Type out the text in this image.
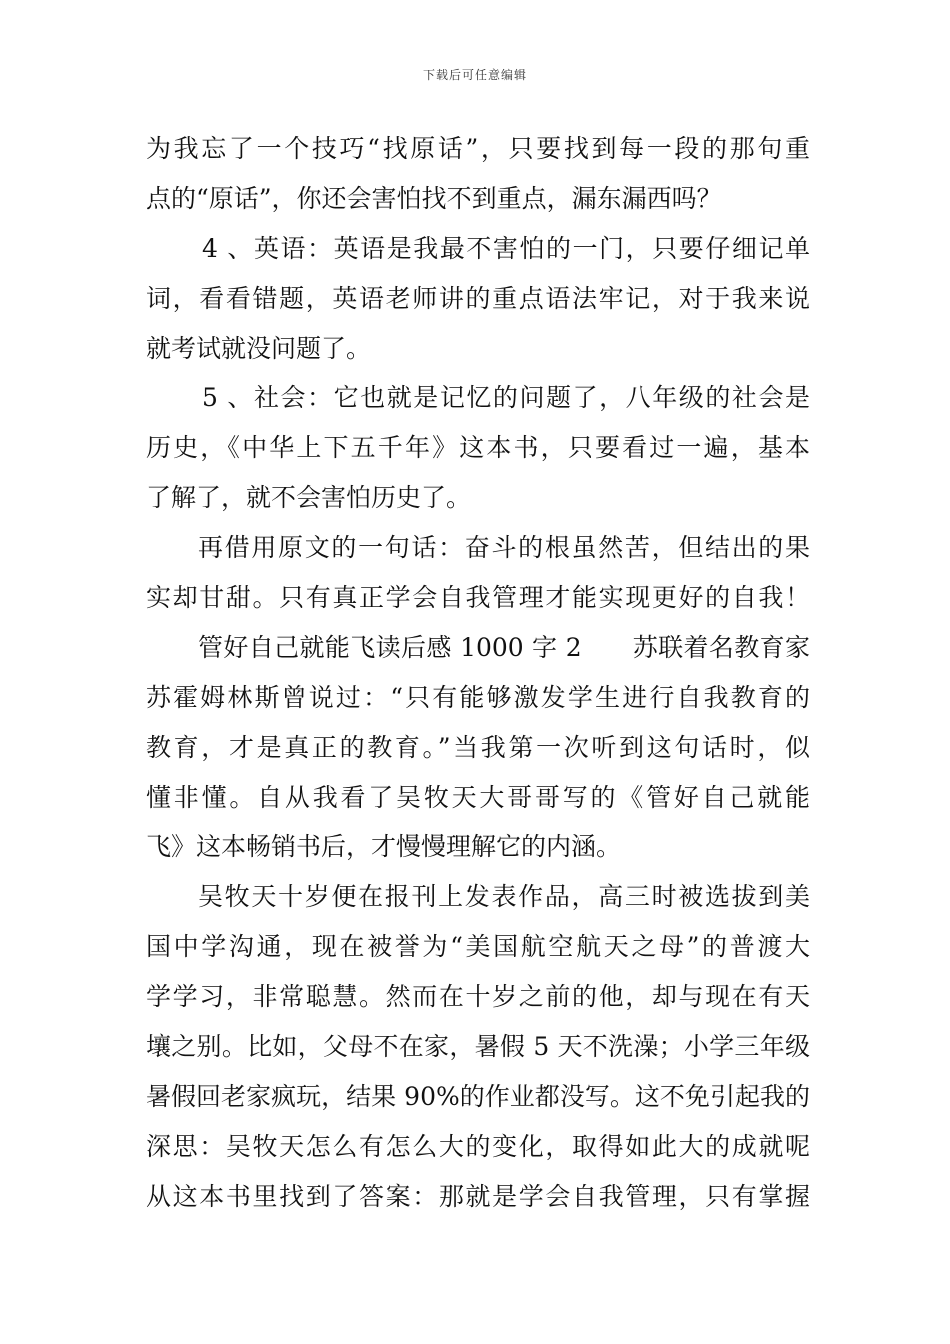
下载后可任意编辑
为我忘了一个技巧“找原话”，只要找到每一段的那句重
点的“原话”，你还会害怕找不到重点，漏东漏西吗？
4 、英语：英语是我最不害怕的一门，只要仔细记单
词，看看错题，英语老师讲的重点语法牢记，对于我来说
就考试就没问题了。
5 、社会：它也就是记忆的问题了，八年级的社会是
历史，《中华上下五千年》这本书，只要看过一遍，基本
了解了，就不会害怕历史了。
再借用原文的一句话：奋斗的根虽然苦，但结出的果
实却甘甜。只有真正学会自我管理才能实现更好的自我！
管好自己就能飞读后感 1000 字 2　　苏联着名教育家
苏霍姆林斯曾说过：“只有能够激发学生进行自我教育的
教育，才是真正的教育。”当我第一次听到这句话时，似
懂非懂。自从我看了吴牧天大哥哥写的《管好自己就能
飞》这本畅销书后，才慢慢理解它的内涵。
吴牧天十岁便在报刊上发表作品，高三时被选拔到美
国中学沟通，现在被誉为“美国航空航天之母”的普渡大
学学习，非常聪慧。然而在十岁之前的他，却与现在有天
壤之别。比如，父母不在家，暑假 5 天不洗澡；小学三年级
暑假回老家疯玩，结果 90%的作业都没写。这不免引起我的
深思：吴牧天怎么有怎么大的变化，取得如此大的成就呢
从这本书里找到了答案：那就是学会自我管理，只有掌握
